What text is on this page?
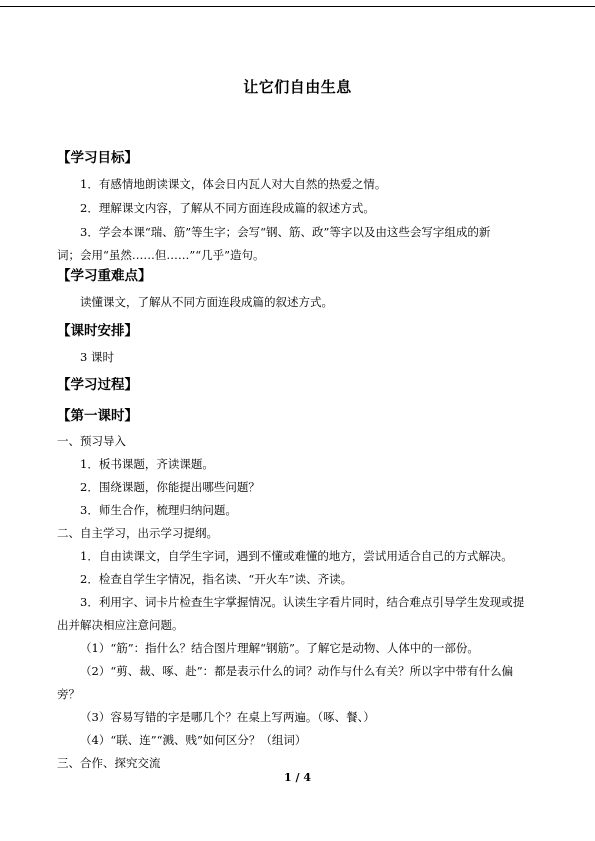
让它们自由生息
【学习目标】
1．有感情地朗读课文，体会日内瓦人对大自然的热爱之情。
2．理解课文内容，了解从不同方面连段成篇的叙述方式。
3．学会本课“瑞、筋”等生字；会写“钢、筋、政”等字以及由这些会写字组成的新
词；会用“虽然……但……”“几乎”造句。
【学习重难点】
读懂课文，了解从不同方面连段成篇的叙述方式。
【课时安排】
3 课时
【学习过程】
【第一课时】
一、预习导入
1．板书课题，齐读课题。
2．围绕课题，你能提出哪些问题？
3．师生合作，梳理归纳问题。
二、自主学习，出示学习提纲。
1．自由读课文，自学生字词，遇到不懂或难懂的地方，尝试用适合自己的方式解决。
2．检查自学生字情况，指名读、“开火车”读、齐读。
3．利用字、词卡片检查生字掌握情况。认读生字看片同时，结合难点引导学生发现或提
出并解决相应注意问题。
（1）“筋”：指什么？结合图片理解“钢筋”。了解它是动物、人体中的一部份。
（2）“剪、裁、啄、赴”：都是表示什么的词？动作与什么有关？所以字中带有什么偏
旁？
（3）容易写错的字是哪几个？在桌上写两遍。（啄、餐、）
（4）“联、连”“溅、贱”如何区分？（组词）
三、合作、探究交流
1 / 4
